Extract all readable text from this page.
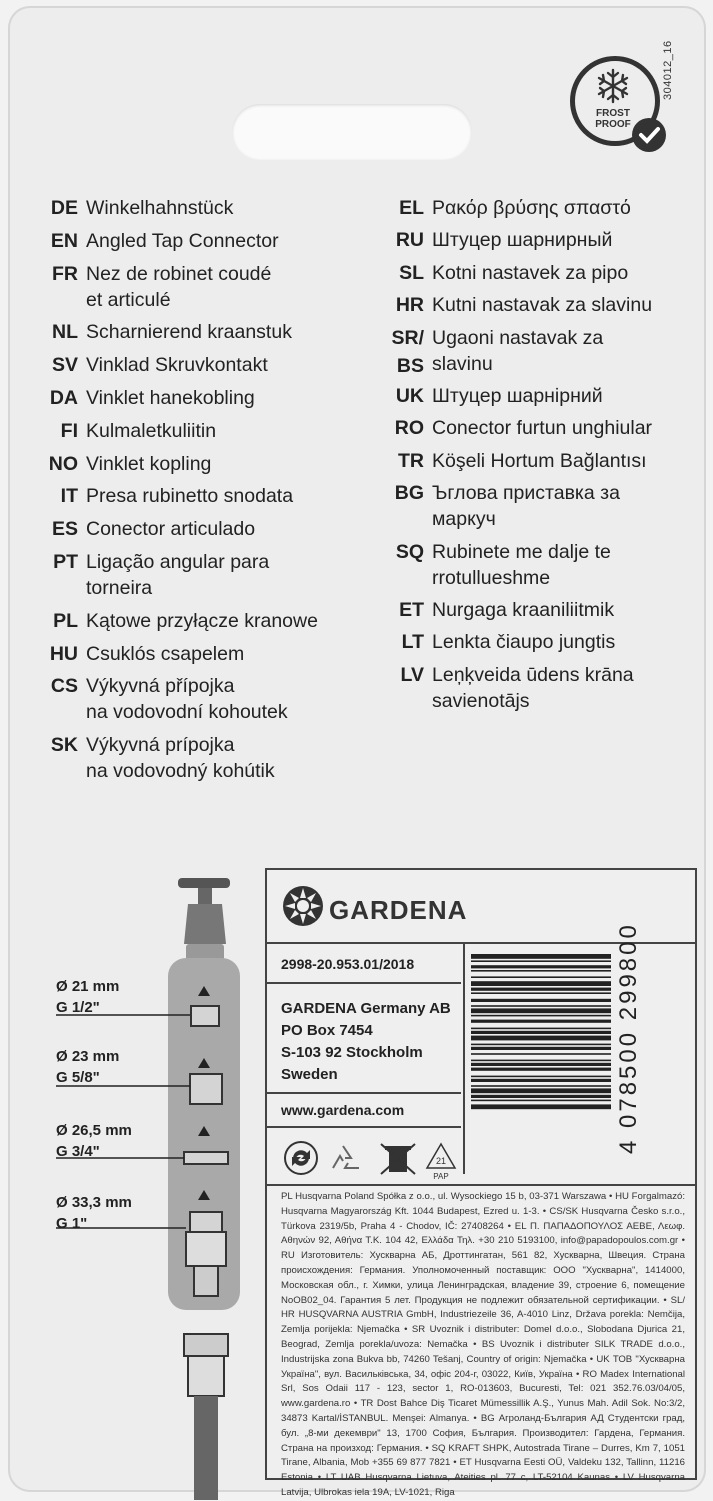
304012_16
FROST
PROOF
DE Winkelhahnstück
EN Angled Tap Connector
FR Nez de robinet coudé
et articulé
NL Scharnierend kraanstuk
SV Vinklad Skruvkontakt
DA Vinklet hanekobling
FI Kulmaletkuliitin
NO Vinklet kopling
IT Presa rubinetto snodata
ES Conector articulado
PT Ligação angular para
torneira
PL Kątowe przyłącze kranowe
HU Csuklós csapelem
CS Výkyvná přípojka
na vodovodní kohoutek
SK Výkyvná prípojka
na vodovodný kohútik
EL Ρακόρ βρύσης σπαστό
RU Штуцер шарнирный
SL Kotni nastavek za pipo
HR Kutni nastavak za slavinu
SR/
BS
Ugaoni nastavak za
slavinu
UK Штуцер шарнірний
RO Conector furtun unghiular
TR Köşeli Hortum Bağlantısı
BG Ъглова приставка за
маркуч
SQ Rubinete me dalje te
rrotullueshme
ET Nurgaga kraaniliitmik
LT Lenkta čiaupo jungtis
LV Leņķveida ūdens krāna
savienotājs
Ø 21 mm
G 1/2"
Ø 23 mm
G 5/8"
Ø 26,5 mm
G 3/4"
Ø 33,3 mm
G 1"
GARDENA
2998-20.953.01/2018
GARDENA Germany AB
PO Box 7454
S-103 92 Stockholm
Sweden
www.gardena.com	4 078500 299800
21
PAP
PL Husqvarna Poland Spółka z o.o., ul. Wysockiego 15 b, 03-371 Warszawa • HU Forgalmazó: Husqvarna Magyarország Kft. 1044 Budapest, Ezred u. 1-3. • CS/SK Husqvarna Česko s.r.o., Türkova 2319/5b, Praha 4 - Chodov, IČ: 27408264 • EL Π. ΠΑΠΑΔΟΠΟΥΛΟΣ ΑΕΒΕ, Λεωφ. Αθηνών 92, Αθήνα Τ.Κ. 104 42, Ελλάδα Τηλ. +30 210 5193100, info@papadopoulos.com.gr • RU Изготовитель: Хускварна АБ, Дроттингатан, 561 82, Хускварна, Швеция. Страна происхождения: Германия. Уполномоченный поставщик: ООО "Хускварна", 1414000, Московская обл., г. Химки, улица Ленинградская, владение 39, строение 6, помещение NoOB02_04. Гарантия 5 лет. Продукция не подлежит обязательной сертификации. • SL/ HR HUSQVARNA AUSTRIA GmbH, Industriezeile 36, A-4010 Linz, Država porekla: Nemčija, Zemlja porijekla: Njemačka • SR Uvoznik i distributer: Domel d.o.o., Slobodana Djurica 21, Beograd, Zemlja porekla/uvoza: Nemačka • BS Uvoznik i distributer SILK TRADE d.o.o., Industrijska zona Bukva bb, 74260 Tešanj, Country of origin: Njemačka • UK ТОВ "Хускварна Україна", вул. Васильківська, 34, офіс 204-г, 03022, Київ, Україна • RO Madex International Srl, Sos Odaii 117 - 123, sector 1, RO-013603, Bucuresti, Tel: 021 352.76.03/04/05, www.gardena.ro • TR Dost Bahce Diş Ticaret Mümessillik A.Ş., Yunus Mah. Adil Sok. No:3/2, 34873 Kartal/İSTANBUL. Menşei: Almanya. • BG Агроланд-България АД Студентски град, бул. „8-ми декември" 13, 1700 София, България. Производител: Гардена, Германия. Страна на произход: Германия. • SQ KRAFT SHPK, Autostrada Tirane – Durres, Km 7, 1051 Tirane, Albania, Mob +355 69 877 7821 • ET Husqvarna Eesti OÜ, Valdeku 132, Tallinn, 11216 Estonia • LT UAB Husqvarna Lietuva, Ateities pl. 77 c, LT-52104 Kaunas • LV Husqvarna Latvija, Ulbrokas iela 19A, LV-1021, Riga
